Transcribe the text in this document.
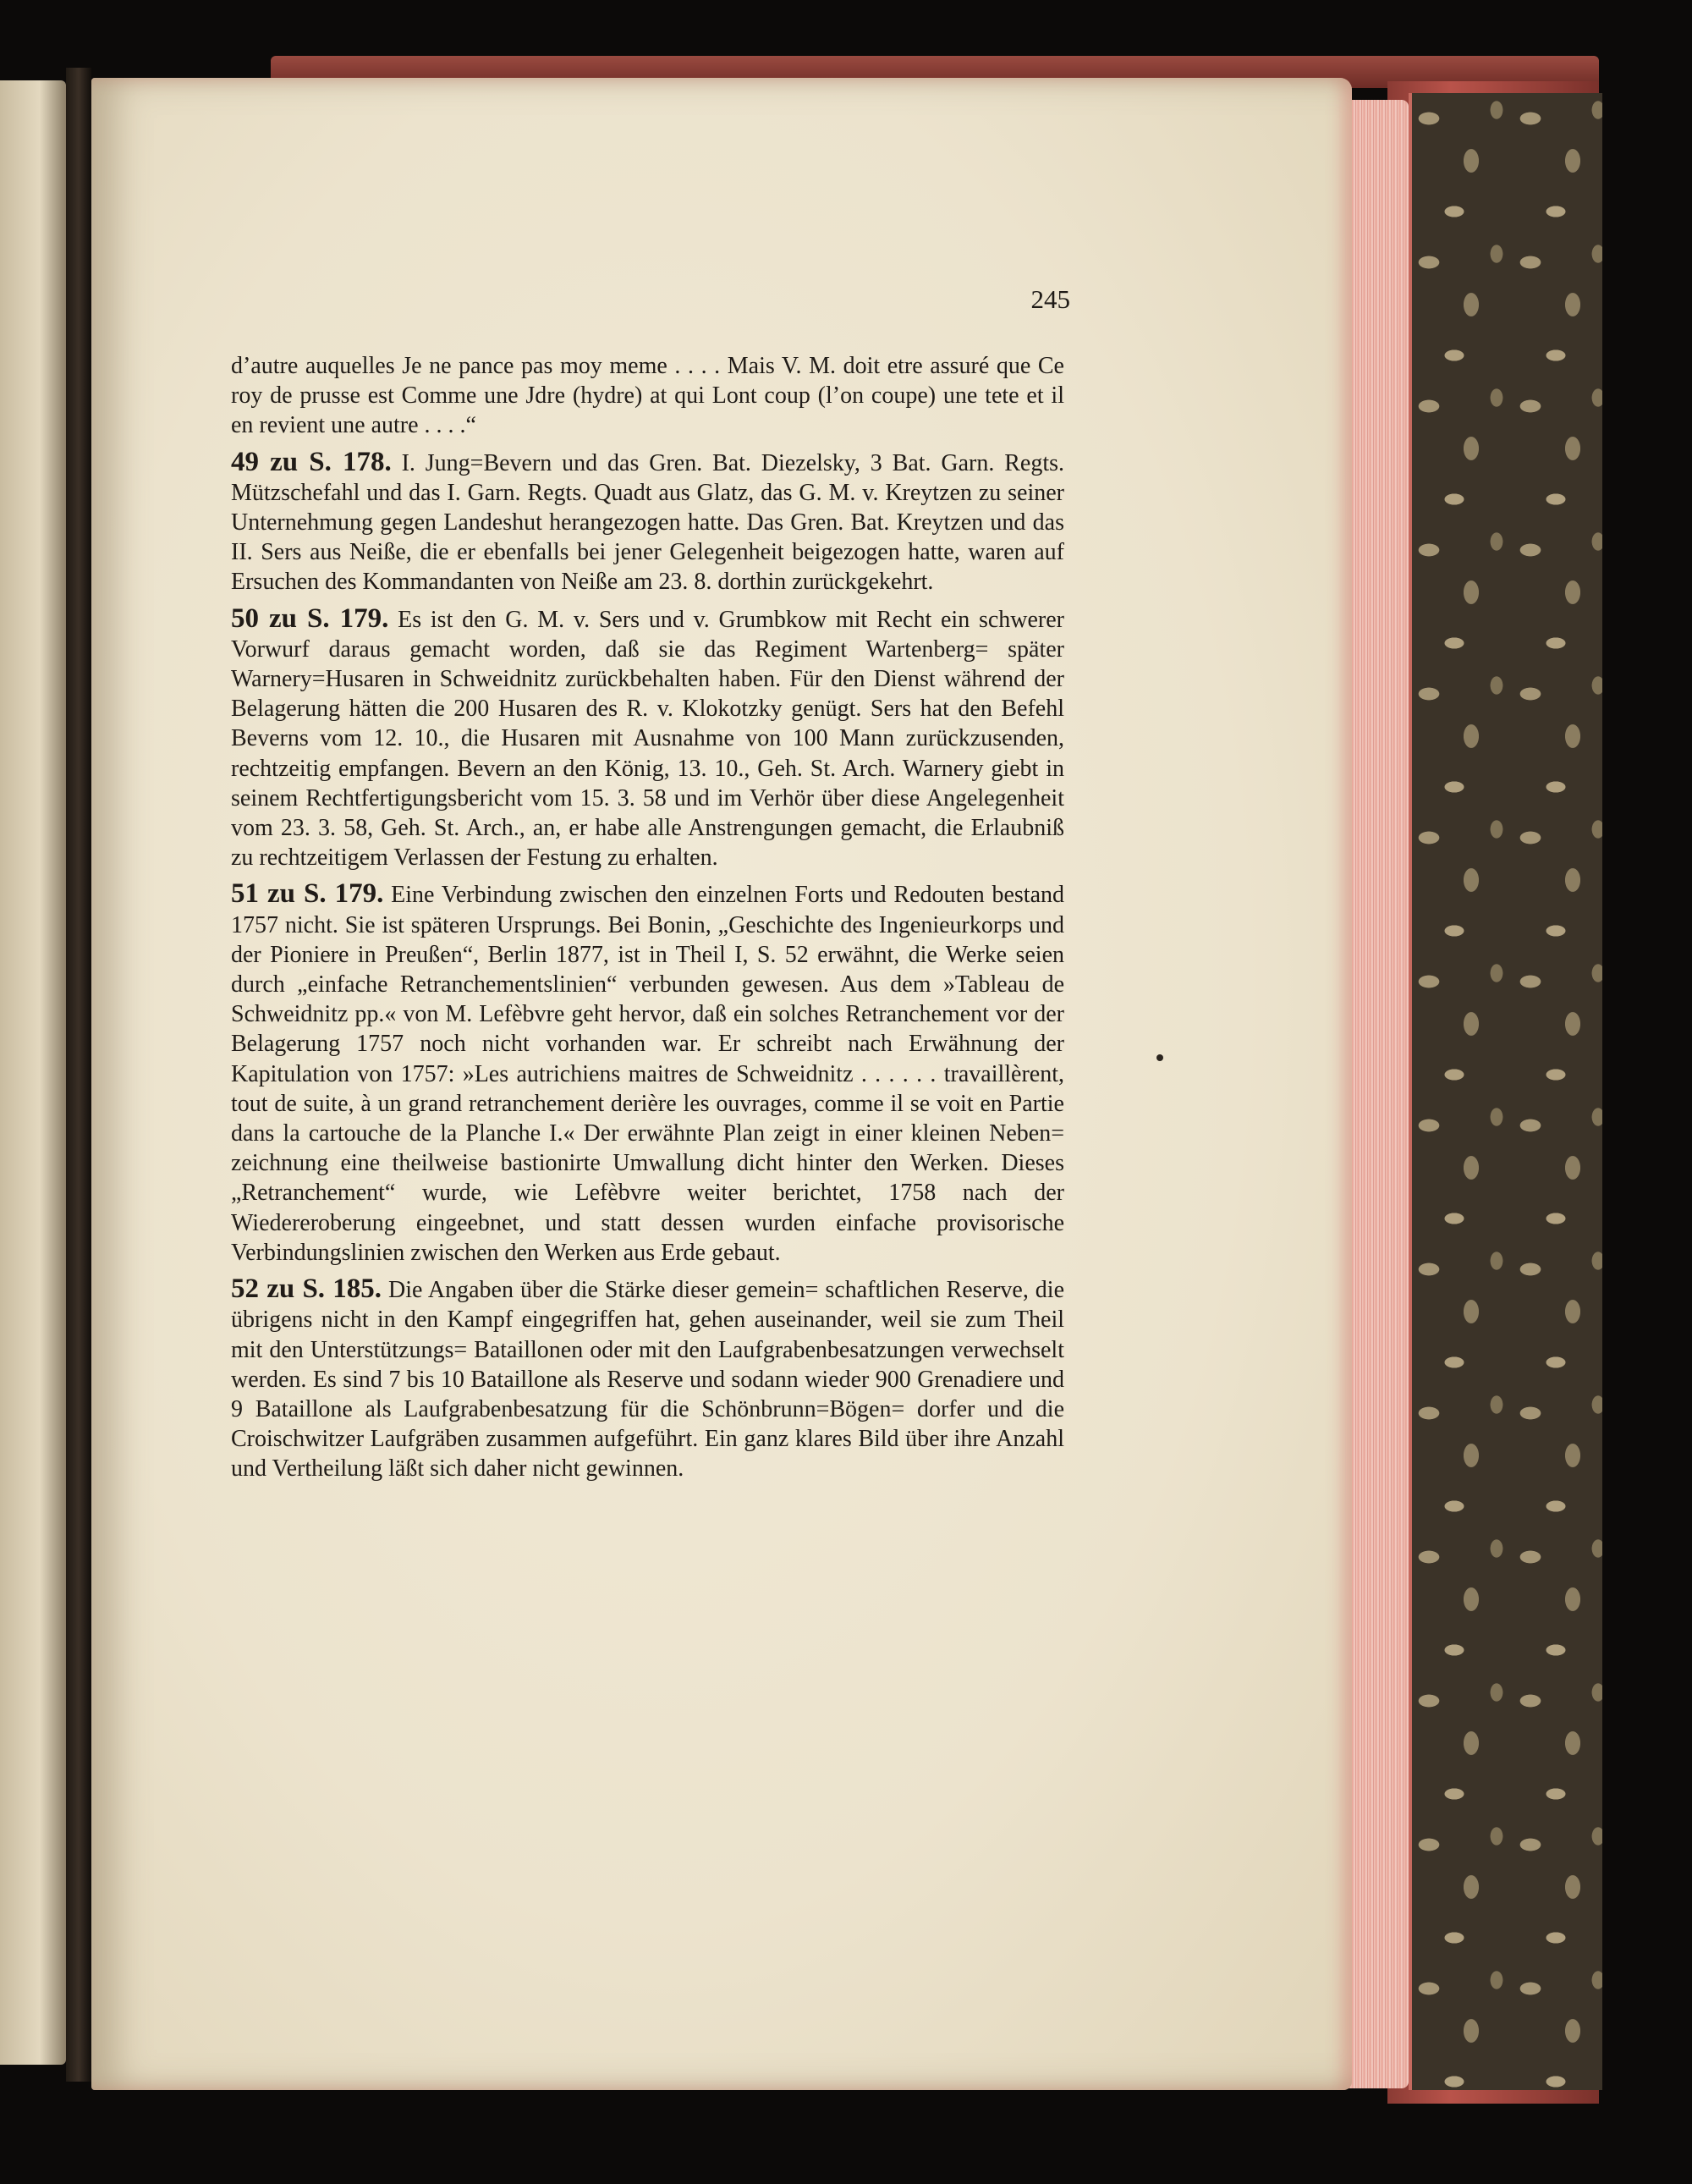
245

d’autre auquelles Je ne pance pas moy meme . . . . Mais V. M. doit etre assuré que Ce roy de prusse est Comme une Jdre (hydre) at qui Lont coup (l’on coupe) une tete et il en revient une autre . . . .“

49 zu S. 178. I. Jung=Bevern und das Gren. Bat. Diezelsky, 3 Bat. Garn. Regts. Mützschefahl und das I. Garn. Regts. Quadt aus Glatz, das G. M. v. Kreytzen zu seiner Unternehmung gegen Landeshut herangezogen hatte. Das Gren. Bat. Kreytzen und das II. Sers aus Neiße, die er ebenfalls bei jener Gelegenheit beigezogen hatte, waren auf Ersuchen des Kommandanten von Neiße am 23. 8. dorthin zurückgekehrt.

50 zu S. 179. Es ist den G. M. v. Sers und v. Grumbkow mit Recht ein schwerer Vorwurf daraus gemacht worden, daß sie das Regiment Wartenberg= später Warnery=Husaren in Schweidnitz zurückbehalten haben. Für den Dienst während der Belagerung hätten die 200 Husaren des R. v. Klokotzky genügt. Sers hat den Befehl Beverns vom 12. 10., die Husaren mit Ausnahme von 100 Mann zurückzusenden, rechtzeitig empfangen. Bevern an den König, 13. 10., Geh. St. Arch. Warnery giebt in seinem Rechtfertigungsbericht vom 15. 3. 58 und im Verhör über diese Angelegenheit vom 23. 3. 58, Geh. St. Arch., an, er habe alle Anstrengungen gemacht, die Erlaubniß zu rechtzeitigem Verlassen der Festung zu erhalten.

51 zu S. 179. Eine Verbindung zwischen den einzelnen Forts und Redouten bestand 1757 nicht. Sie ist späteren Ursprungs. Bei Bonin, „Geschichte des Ingenieurkorps und der Pioniere in Preußen“, Berlin 1877, ist in Theil I, S. 52 erwähnt, die Werke seien durch „einfache Retranchementslinien“ verbunden gewesen. Aus dem »Tableau de Schweidnitz pp.« von M. Lefèbvre geht hervor, daß ein solches Retranchement vor der Belagerung 1757 noch nicht vorhanden war. Er schreibt nach Erwähnung der Kapitulation von 1757: »Les autrichiens maitres de Schweidnitz . . . . . . travaillèrent, tout de suite, à un grand retranchement derière les ouvrages, comme il se voit en Partie dans la cartouche de la Planche I.« Der erwähnte Plan zeigt in einer kleinen Neben= zeichnung eine theilweise bastionirte Umwallung dicht hinter den Werken. Dieses „Retranchement“ wurde, wie Lefèbvre weiter berichtet, 1758 nach der Wiedereroberung eingeebnet, und statt dessen wurden einfache provisorische Verbindungslinien zwischen den Werken aus Erde gebaut.

52 zu S. 185. Die Angaben über die Stärke dieser gemein= schaftlichen Reserve, die übrigens nicht in den Kampf eingegriffen hat, gehen auseinander, weil sie zum Theil mit den Unterstützungs= Bataillonen oder mit den Laufgrabenbesatzungen verwechselt werden. Es sind 7 bis 10 Bataillone als Reserve und sodann wieder 900 Grenadiere und 9 Bataillone als Laufgrabenbesatzung für die Schönbrunn=Bögen= dorfer und die Croischwitzer Laufgräben zusammen aufgeführt. Ein ganz klares Bild über ihre Anzahl und Vertheilung läßt sich daher nicht gewinnen.
